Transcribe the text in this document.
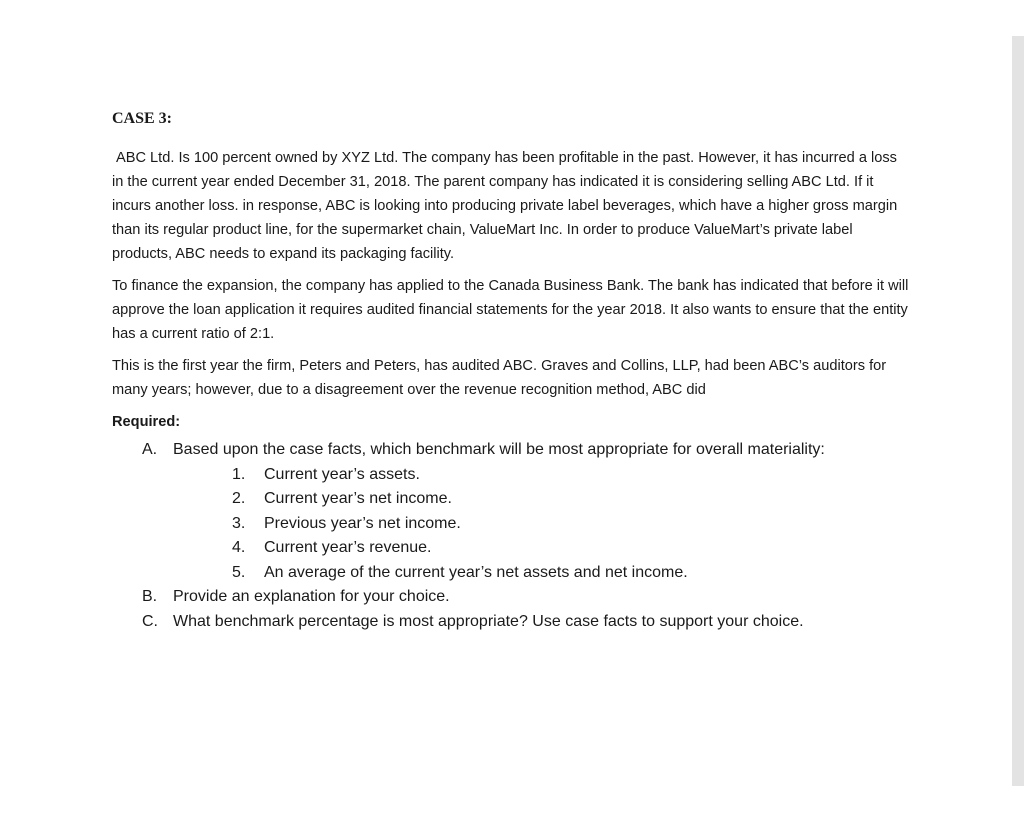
CASE 3:

ABC Ltd. Is 100 percent owned by XYZ Ltd. The company has been profitable in the past. However, it has incurred a loss in the current year ended December 31, 2018. The parent company has indicated it is considering selling ABC Ltd. If it incurs another loss. in response, ABC is looking into producing private label beverages, which have a higher gross margin than its regular product line, for the supermarket chain, ValueMart Inc. In order to produce ValueMart’s private label products, ABC needs to expand its packaging facility.

To finance the expansion, the company has applied to the Canada Business Bank. The bank has indicated that before it will approve the loan application it requires audited financial statements for the year 2018. It also wants to ensure that the entity has a current ratio of 2:1.

This is the first year the firm, Peters and Peters, has audited ABC. Graves and Collins, LLP, had been ABC’s auditors for many years; however, due to a disagreement over the revenue recognition method, ABC did

Required:
A. Based upon the case facts, which benchmark will be most appropriate for overall materiality:
1. Current year’s assets.
2. Current year’s net income.
3. Previous year’s net income.
4. Current year’s revenue.
5. An average of the current year’s net assets and net income.
B. Provide an explanation for your choice.
C. What benchmark percentage is most appropriate? Use case facts to support your choice.
